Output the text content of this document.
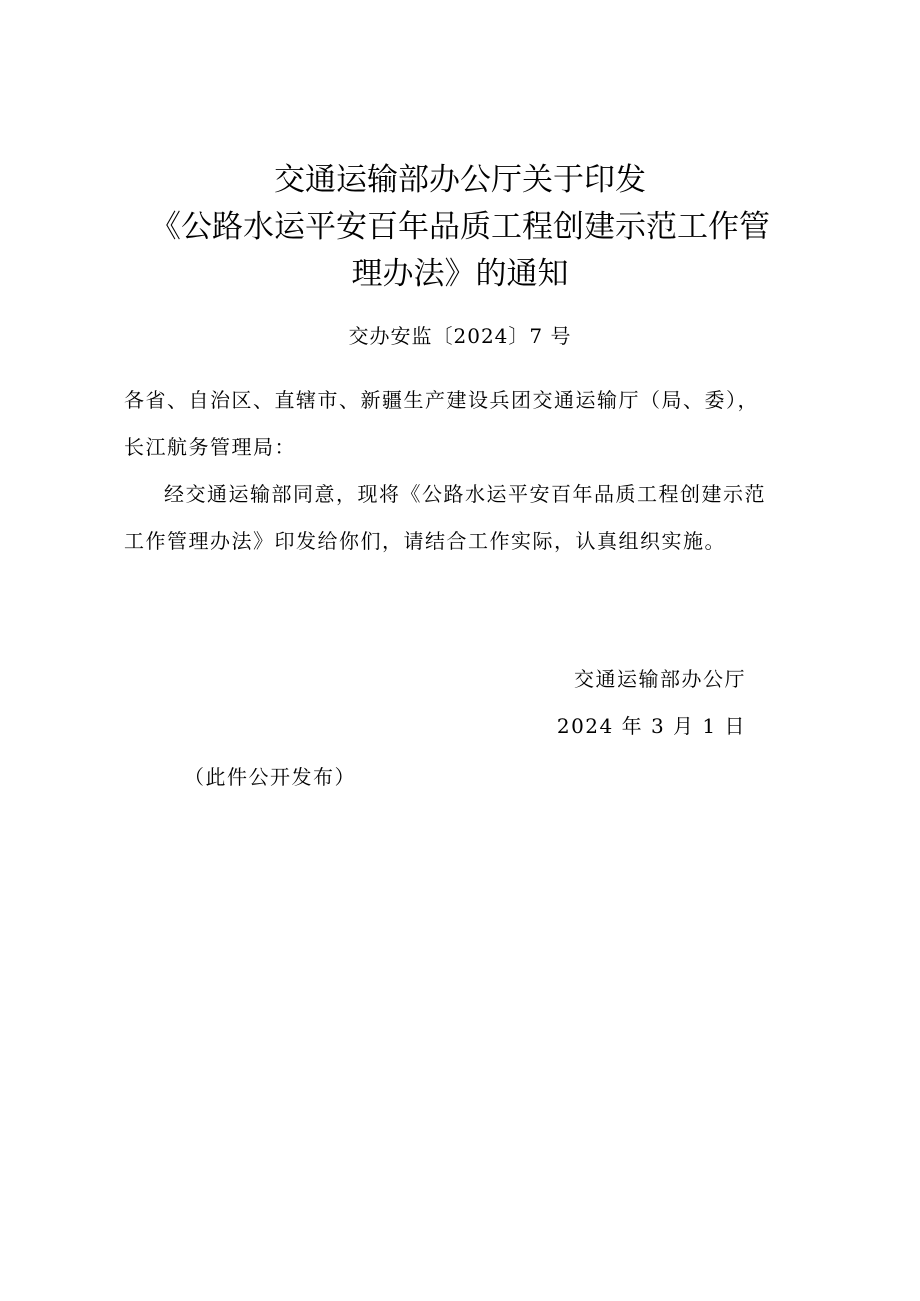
交通运输部办公厅关于印发
《公路水运平安百年品质工程创建示范工作管
理办法》的通知
交办安监〔2024〕7 号
各省、自治区、直辖市、新疆生产建设兵团交通运输厅（局、委），
长江航务管理局：
经交通运输部同意，现将《公路水运平安百年品质工程创建示范
工作管理办法》印发给你们，请结合工作实际，认真组织实施。
交通运输部办公厅
2024 年 3 月 1 日
（此件公开发布）
